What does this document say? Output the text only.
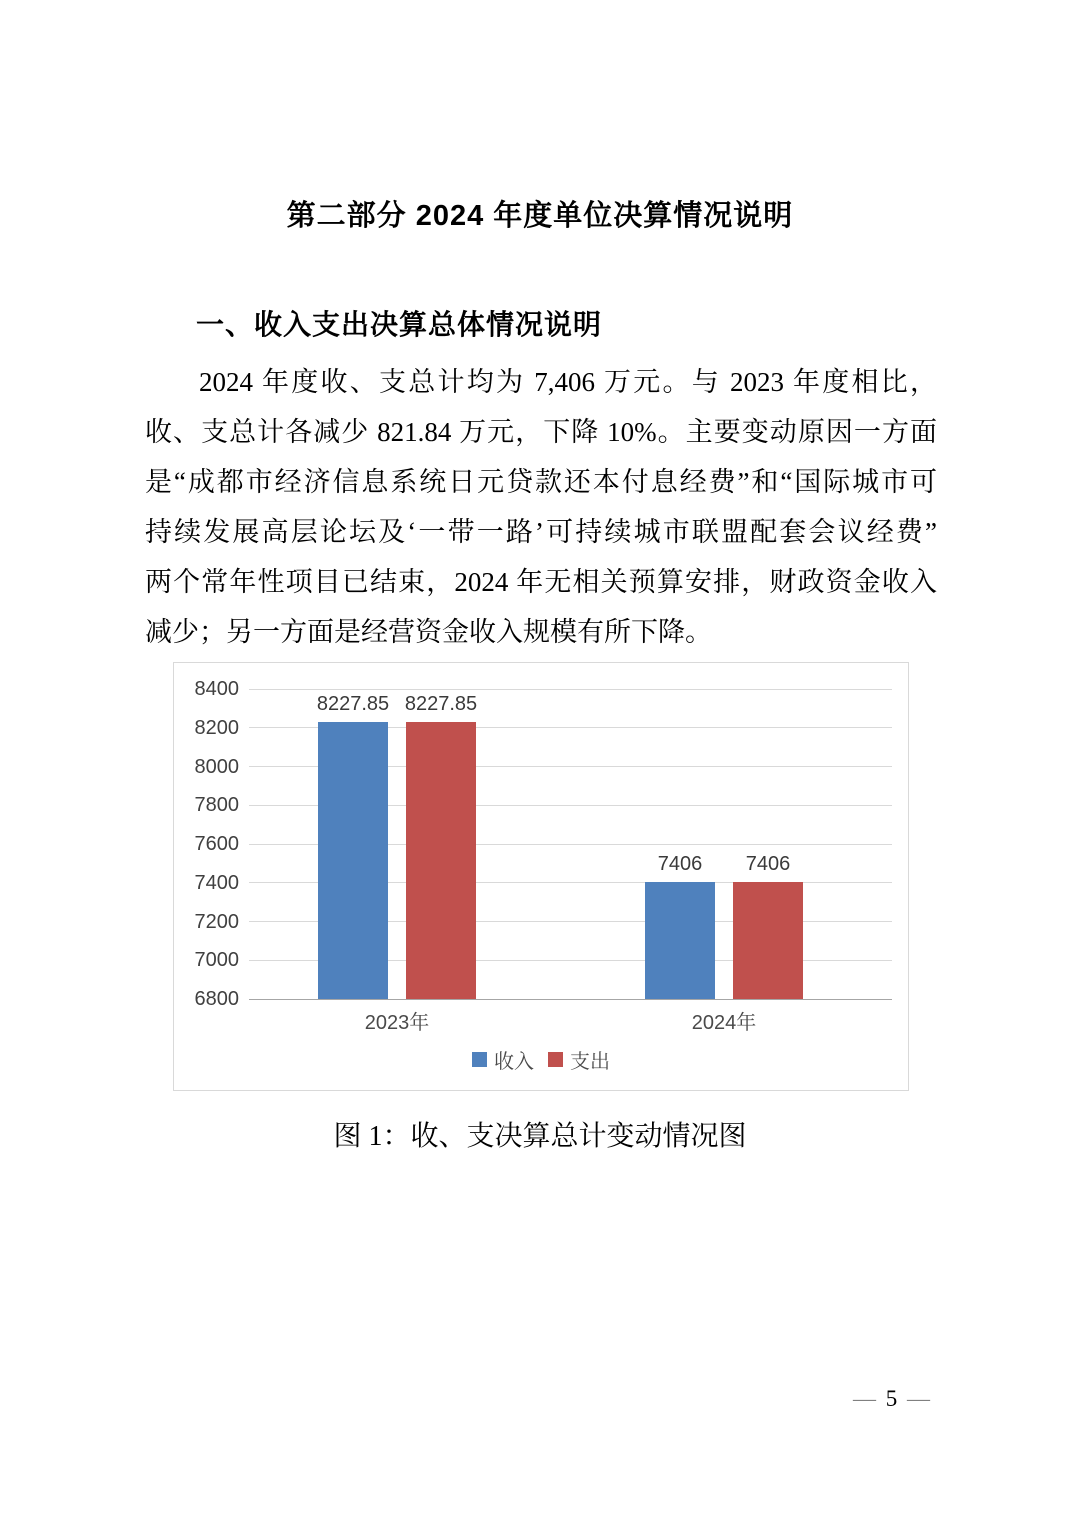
第二部分 2024 年度单位决算情况说明
一、收入支出决算总体情况说明
2024 年度收、支总计均为 7,406 万元。与 2023 年度相比，
收、支总计各减少 821.84 万元，下降 10%。主要变动原因一方面
是“成都市经济信息系统日元贷款还本付息经费”和“国际城市可
持续发展高层论坛及‘一带一路’可持续城市联盟配套会议经费”
两个常年性项目已结束，2024 年无相关预算安排，财政资金收入
减少；另一方面是经营资金收入规模有所下降。
6800
7000
7200
7400
7600
7800
8000
8200
8400
8227.85 8227.85
2023年
7406	7406
2024年
收入 支出
图 1：收、支决算总计变动情况图
— 5 —
